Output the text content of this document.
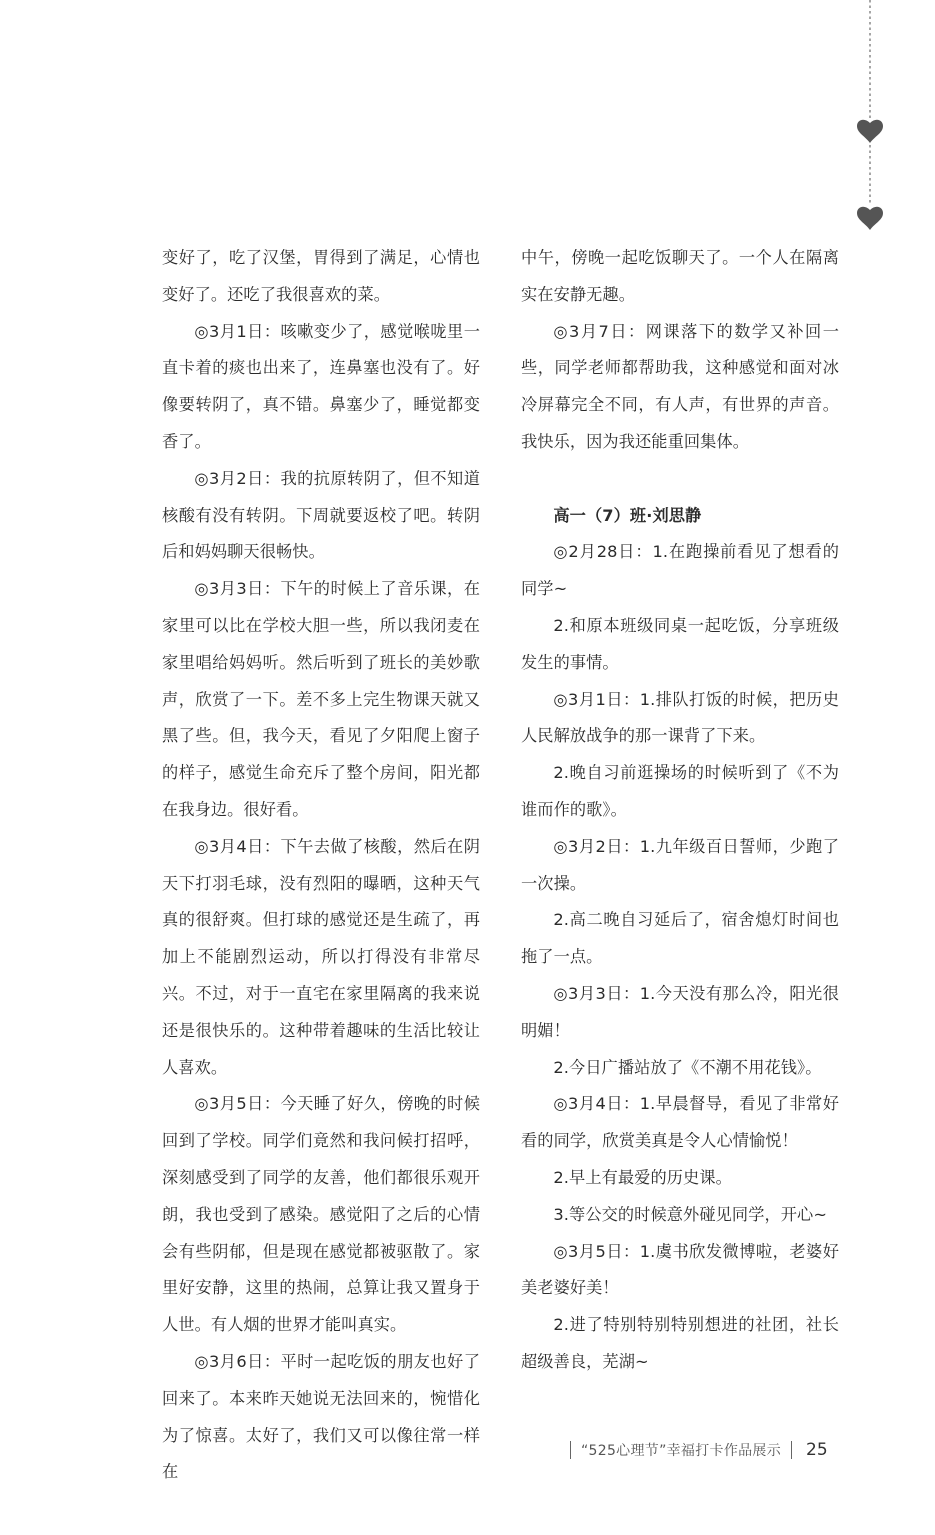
变好了，吃了汉堡，胃得到了满足，心情也变好了。还吃了我很喜欢的菜。

◎3月1日：咳嗽变少了，感觉喉咙里一直卡着的痰也出来了，连鼻塞也没有了。好像要转阴了，真不错。鼻塞少了，睡觉都变香了。

◎3月2日：我的抗原转阴了，但不知道核酸有没有转阴。下周就要返校了吧。转阴后和妈妈聊天很畅快。

◎3月3日：下午的时候上了音乐课，在家里可以比在学校大胆一些，所以我闭麦在家里唱给妈妈听。然后听到了班长的美妙歌声，欣赏了一下。差不多上完生物课天就又黑了些。但，我今天，看见了夕阳爬上窗子的样子，感觉生命充斥了整个房间，阳光都在我身边。很好看。

◎3月4日：下午去做了核酸，然后在阴天下打羽毛球，没有烈阳的曝晒，这种天气真的很舒爽。但打球的感觉还是生疏了，再加上不能剧烈运动，所以打得没有非常尽兴。不过，对于一直宅在家里隔离的我来说还是很快乐的。这种带着趣味的生活比较让人喜欢。

◎3月5日：今天睡了好久，傍晚的时候回到了学校。同学们竟然和我问候打招呼，深刻感受到了同学的友善，他们都很乐观开朗，我也受到了感染。感觉阳了之后的心情会有些阴郁，但是现在感觉都被驱散了。家里好安静，这里的热闹，总算让我又置身于人世。有人烟的世界才能叫真实。

◎3月6日：平时一起吃饭的朋友也好了回来了。本来昨天她说无法回来的，惋惜化为了惊喜。太好了，我们又可以像往常一样在

中午，傍晚一起吃饭聊天了。一个人在隔离实在安静无趣。

◎3月7日：网课落下的数学又补回一些，同学老师都帮助我，这种感觉和面对冰冷屏幕完全不同，有人声，有世界的声音。我快乐，因为我还能重回集体。

高一（7）班·刘思静

◎2月28日：1.在跑操前看见了想看的同学~

2.和原本班级同桌一起吃饭，分享班级发生的事情。

◎3月1日：1.排队打饭的时候，把历史人民解放战争的那一课背了下来。

2.晚自习前逛操场的时候听到了《不为谁而作的歌》。

◎3月2日：1.九年级百日誓师，少跑了一次操。

2.高二晚自习延后了，宿舍熄灯时间也拖了一点。

◎3月3日：1.今天没有那么冷，阳光很明媚！

2.今日广播站放了《不潮不用花钱》。

◎3月4日：1.早晨督导，看见了非常好看的同学，欣赏美真是令人心情愉悦！

2.早上有最爱的历史课。

3.等公交的时候意外碰见同学，开心~

◎3月5日：1.虞书欣发微博啦，老婆好美老婆好美！

2.进了特别特别特别想进的社团，社长超级善良，芜湖~

“525心理节”幸福打卡作品展示 25
